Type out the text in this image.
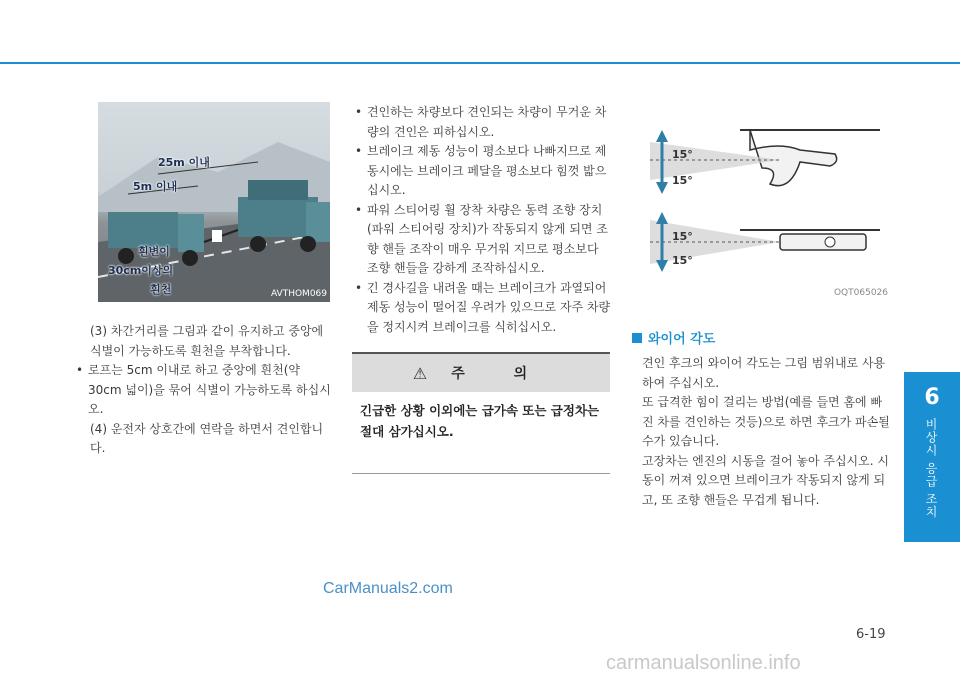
25m 이내
5m 이내
흰변이
30cm이상의
흰천	AVTHOM069
15°
15°
15°
15°
OQT065026

(3) 차간거리를 그림과 같이 유지하고 중앙에 식별이 가능하도록 흰천을 부착합니다.

• 로프는 5cm 이내로 하고 중앙에 흰천(약 30cm 넓이)을 묶어 식별이 가능하도록 하십시오.

(4) 운전자 상호간에 연락을 하면서 견인합니다.

• 견인하는 차량보다 견인되는 차량이 무거운 차량의 견인은 피하십시오.

• 브레이크 제동 성능이 평소보다 나빠지므로 제동시에는 브레이크 페달을 평소보다 힘껏 밟으십시오.

• 파워 스티어링 휠 장착 차량은 동력 조향 장치(파워 스티어링 장치)가 작동되지 않게 되면 조향 핸들 조작이 매우 무거워 지므로 평소보다 조향 핸들을 강하게 조작하십시오.

• 긴 경사길을 내려올 때는 브레이크가 과열되어 제동 성능이 떨어질 우려가 있으므로 자주 차량을 정지시켜 브레이크를 식히십시오.

⚠ 주 의
긴급한 상황 이외에는 급가속 또는 급정차는 절대 삼가십시오.
와이어 각도

견인 후크의 와이어 각도는 그림 범위내로 사용하여 주십시오.

또 급격한 힘이 걸리는 방법(예를 들면 홈에 빠진 차를 견인하는 것등)으로 하면 후크가 파손될 수가 있습니다.

고장차는 엔진의 시동을 걸어 놓아 주십시오. 시동이 꺼져 있으면 브레이크가 작동되지 않게 되고, 또 조향 핸들은 무겁게 됩니다.

6
비상시 응급 조치
CarManuals2.com
6-19
carmanualsonline.info
